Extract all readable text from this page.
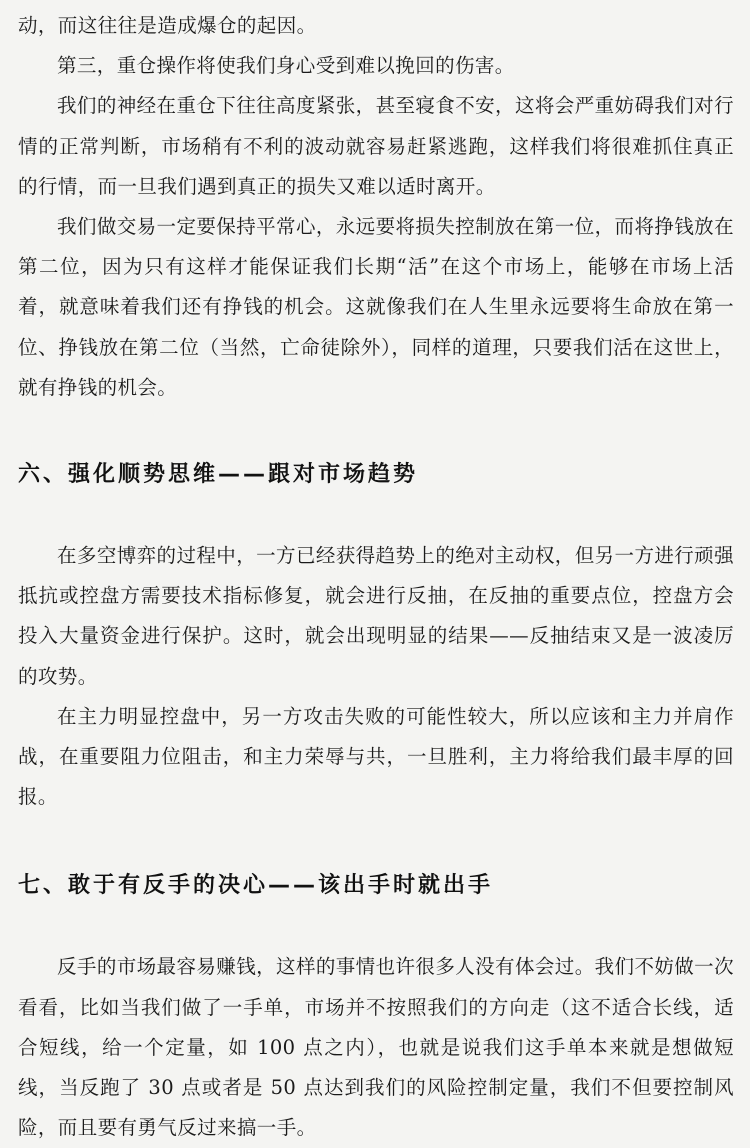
动，而这往往是造成爆仓的起因。

第三，重仓操作将使我们身心受到难以挽回的伤害。

我们的神经在重仓下往往高度紧张，甚至寝食不安，这将会严重妨碍我们对行情的正常判断，市场稍有不利的波动就容易赶紧逃跑，这样我们将很难抓住真正的行情，而一旦我们遇到真正的损失又难以适时离开。

我们做交易一定要保持平常心，永远要将损失控制放在第一位，而将挣钱放在第二位，因为只有这样才能保证我们长期“活”在这个市场上，能够在市场上活着，就意味着我们还有挣钱的机会。这就像我们在人生里永远要将生命放在第一位、挣钱放在第二位（当然，亡命徒除外），同样的道理，只要我们活在这世上，就有挣钱的机会。

六、强化顺势思维——跟对市场趋势

在多空博弈的过程中，一方已经获得趋势上的绝对主动权，但另一方进行顽强抵抗或控盘方需要技术指标修复，就会进行反抽，在反抽的重要点位，控盘方会投入大量资金进行保护。这时，就会出现明显的结果——反抽结束又是一波凌厉的攻势。

在主力明显控盘中，另一方攻击失败的可能性较大，所以应该和主力并肩作战，在重要阻力位阻击，和主力荣辱与共，一旦胜利，主力将给我们最丰厚的回报。

七、敢于有反手的决心——该出手时就出手

反手的市场最容易赚钱，这样的事情也许很多人没有体会过。我们不妨做一次看看，比如当我们做了一手单，市场并不按照我们的方向走（这不适合长线，适合短线，给一个定量，如 100 点之内），也就是说我们这手单本来就是想做短线，当反跑了 30 点或者是 50 点达到我们的风险控制定量，我们不但要控制风险，而且要有勇气反过来搞一手。
